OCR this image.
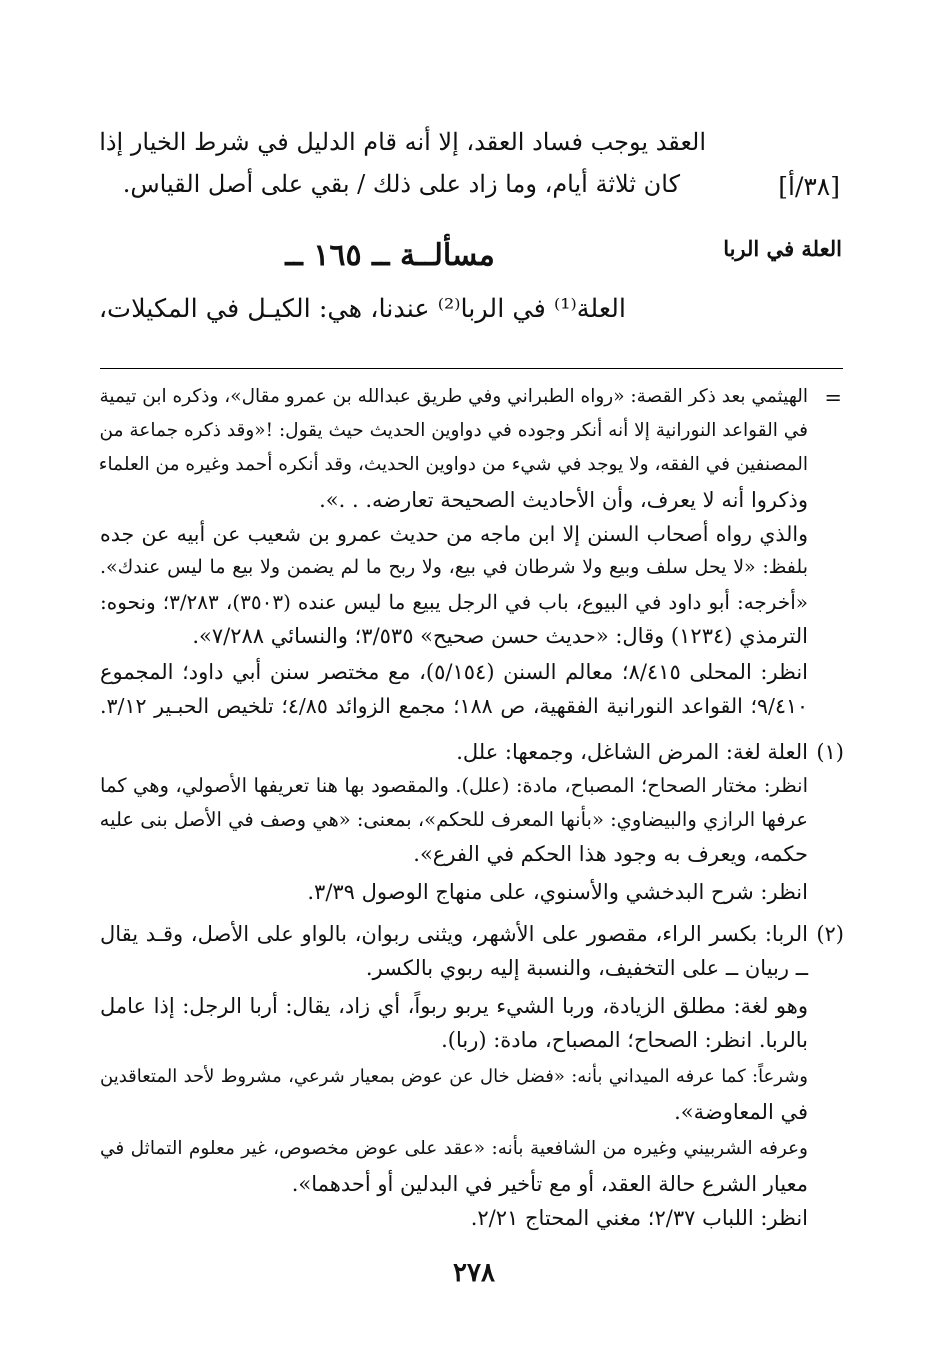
العقد يوجب فساد العقد، إلا أنه قام الدليل في شرط الخيار إذا
كان ثلاثة أيام، وما زاد على ذلك / بقي على أصل القياس.	[٣٨/أ]
العلة في الربا
مسألــة ــ ١٦٥ ــ
العلة⁽¹⁾ في الربا⁽²⁾ عندنا، هي: الكيـل في المكيلات،
=
الهيثمي بعد ذكر القصة: «رواه الطبراني وفي طريق عبدالله بن عمرو مقال»، وذكره ابن تيمية
في القواعد النورانية إلا أنه أنكر وجوده في دواوين الحديث حيث يقول: !«وقد ذكره جماعة من
المصنفين في الفقه، ولا يوجد في شيء من دواوين الحديث، وقد أنكره أحمد وغيره من العلماء
وذكروا أنه لا يعرف، وأن الأحاديث الصحيحة تعارضه. . .».
والذي رواه أصحاب السنن إلا ابن ماجه من حديث عمرو بن شعيب عن أبيه عن جده
بلفظ: «لا يحل سلف وبيع ولا شرطان في بيع، ولا ربح ما لم يضمن ولا بيع ما ليس عندك».
«أخرجه: أبو داود في البيوع، باب في الرجل يبيع ما ليس عنده (٣٥٠٣)، ٣/٢٨٣؛ ونحوه:
الترمذي (١٢٣٤) وقال: «حديث حسن صحيح» ٣/٥٣٥؛ والنسائي ٧/٢٨٨».
انظر: المحلى ٨/٤١٥؛ معالم السنن (٥/١٥٤)، مع مختصر سنن أبي داود؛ المجموع
٩/٤١٠؛ القواعد النورانية الفقهية، ص ١٨٨؛ مجمع الزوائد ٤/٨٥؛ تلخيص الحبـير ٣/١٢.
(١)
العلة لغة: المرض الشاغل، وجمعها: علل.
انظر: مختار الصحاح؛ المصباح، مادة: (علل). والمقصود بها هنا تعريفها الأصولي، وهي كما
عرفها الرازي والبيضاوي: «بأنها المعرف للحكم»، بمعنى: «هي وصف في الأصل بنى عليه
حكمه، ويعرف به وجود هذا الحكم في الفرع».
انظر: شرح البدخشي والأسنوي، على منهاج الوصول ٣/٣٩.
(٢)
الربا: بكسر الراء، مقصور على الأشهر، ويثنى ربوان، بالواو على الأصل، وقـد يقال
ــ ربيان ــ على التخفيف، والنسبة إليه ربوي بالكسر.
وهو لغة: مطلق الزيادة، وربا الشيء يربو ربواً، أي زاد، يقال: أربا الرجل: إذا عامل
بالربا. انظر: الصحاح؛ المصباح، مادة: (ربا).
وشرعاً: كما عرفه الميداني بأنه: «فضل خال عن عوض بمعيار شرعي، مشروط لأحد المتعاقدين
في المعاوضة».
وعرفه الشربيني وغيره من الشافعية بأنه: «عقد على عوض مخصوص، غير معلوم التماثل في
معيار الشرع حالة العقد، أو مع تأخير في البدلين أو أحدهما».
انظر: اللباب ٢/٣٧؛ مغني المحتاج ٢/٢١.
٢٧٨
